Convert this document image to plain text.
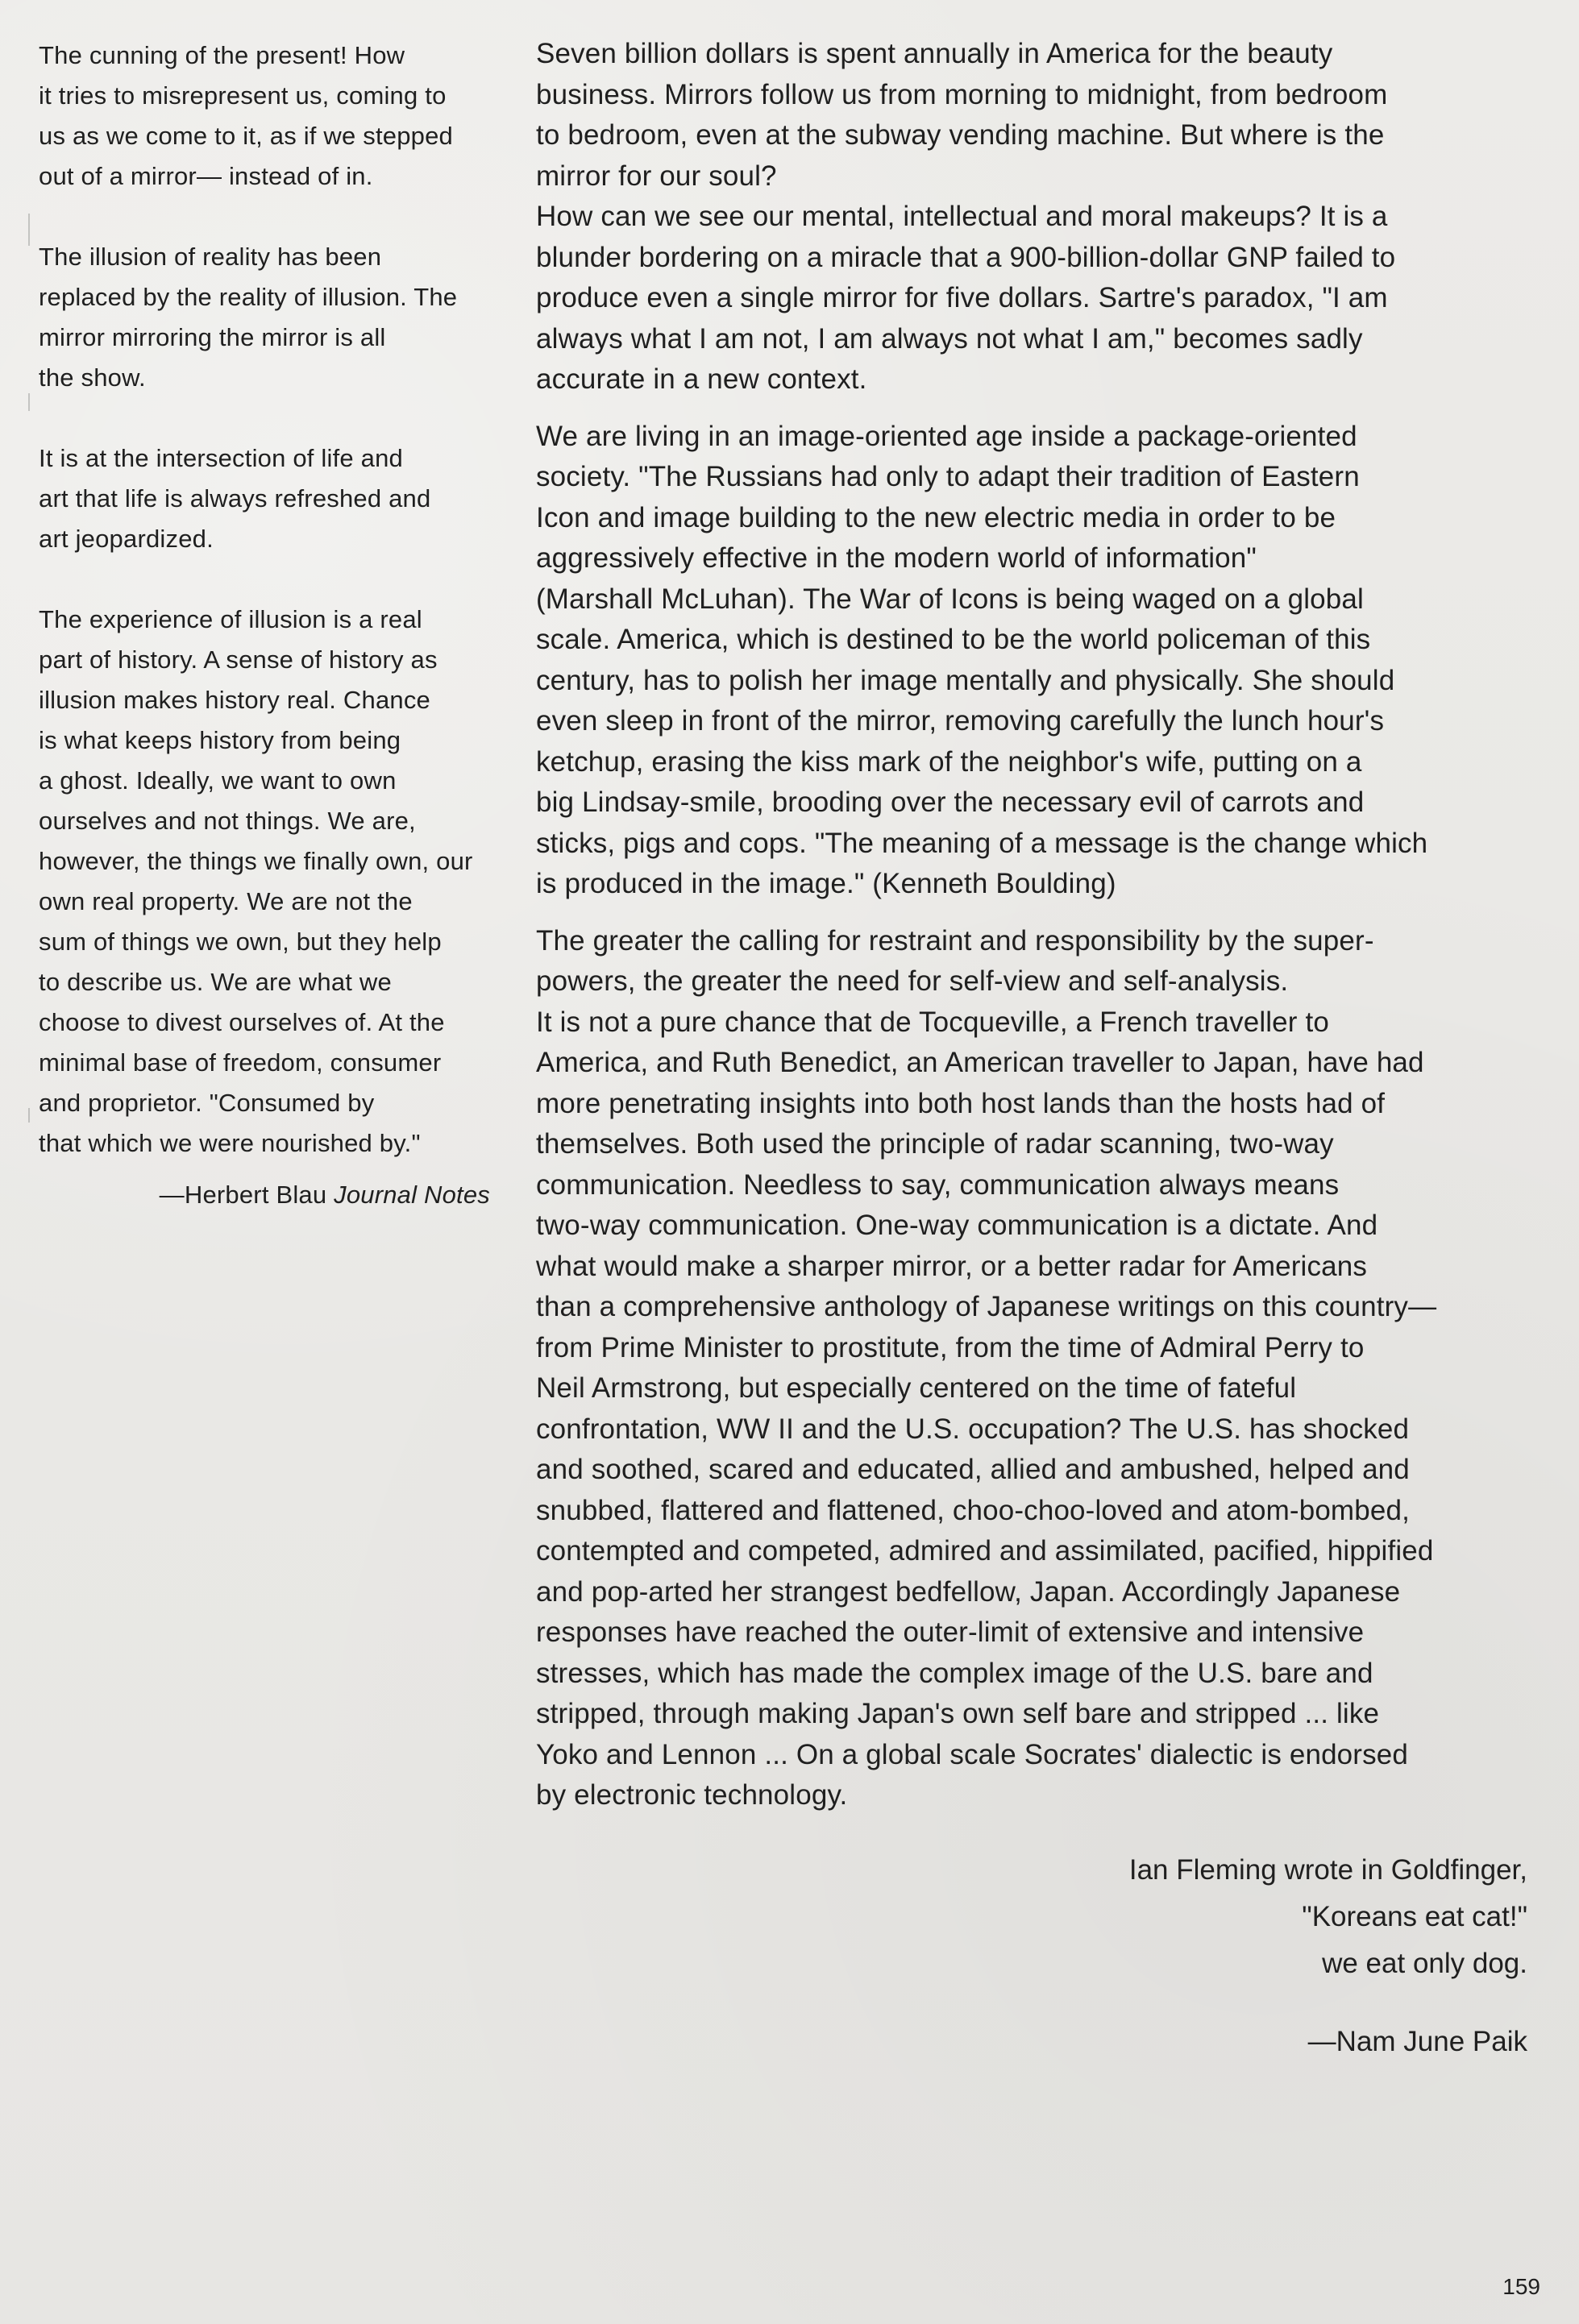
The cunning of the present! How
it tries to misrepresent us, coming to
us as we come to it, as if we stepped
out of a mirror— instead of in.

The illusion of reality has been
replaced by the reality of illusion. The
mirror mirroring the mirror is all
the show.

It is at the intersection of life and
art that life is always refreshed and
art jeopardized.

The experience of illusion is a real
part of history. A sense of history as
illusion makes history real. Chance
is what keeps history from being
a ghost. Ideally, we want to own
ourselves and not things. We are,
however, the things we finally own, our
own real property. We are not the
sum of things we own, but they help
to describe us. We are what we
choose to divest ourselves of. At the
minimal base of freedom, consumer
and proprietor. "Consumed by
that which we were nourished by."

—Herbert Blau Journal Notes

Seven billion dollars is spent annually in America for the beauty
business. Mirrors follow us from morning to midnight, from bedroom
to bedroom, even at the subway vending machine. But where is the
mirror for our soul?
How can we see our mental, intellectual and moral makeups? It is a
blunder bordering on a miracle that a 900-billion-dollar GNP failed to
produce even a single mirror for five dollars. Sartre's paradox, "I am
always what I am not, I am always not what I am," becomes sadly
accurate in a new context.

We are living in an image-oriented age inside a package-oriented
society. "The Russians had only to adapt their tradition of Eastern
Icon and image building to the new electric media in order to be
aggressively effective in the modern world of information"
(Marshall McLuhan). The War of Icons is being waged on a global
scale. America, which is destined to be the world policeman of this
century, has to polish her image mentally and physically. She should
even sleep in front of the mirror, removing carefully the lunch hour's
ketchup, erasing the kiss mark of the neighbor's wife, putting on a
big Lindsay-smile, brooding over the necessary evil of carrots and
sticks, pigs and cops. "The meaning of a message is the change which
is produced in the image." (Kenneth Boulding)

The greater the calling for restraint and responsibility by the super-
powers, the greater the need for self-view and self-analysis.
It is not a pure chance that de Tocqueville, a French traveller to
America, and Ruth Benedict, an American traveller to Japan, have had
more penetrating insights into both host lands than the hosts had of
themselves. Both used the principle of radar scanning, two-way
communication. Needless to say, communication always means
two-way communication. One-way communication is a dictate. And
what would make a sharper mirror, or a better radar for Americans
than a comprehensive anthology of Japanese writings on this country—
from Prime Minister to prostitute, from the time of Admiral Perry to
Neil Armstrong, but especially centered on the time of fateful
confrontation, WW II and the U.S. occupation? The U.S. has shocked
and soothed, scared and educated, allied and ambushed, helped and
snubbed, flattered and flattened, choo-choo-loved and atom-bombed,
contempted and competed, admired and assimilated, pacified, hippified
and pop-arted her strangest bedfellow, Japan. Accordingly Japanese
responses have reached the outer-limit of extensive and intensive
stresses, which has made the complex image of the U.S. bare and
stripped, through making Japan's own self bare and stripped ... like
Yoko and Lennon ... On a global scale Socrates' dialectic is endorsed
by electronic technology.

Ian Fleming wrote in Goldfinger,
"Koreans eat cat!"
we eat only dog.
—Nam June Paik
159
